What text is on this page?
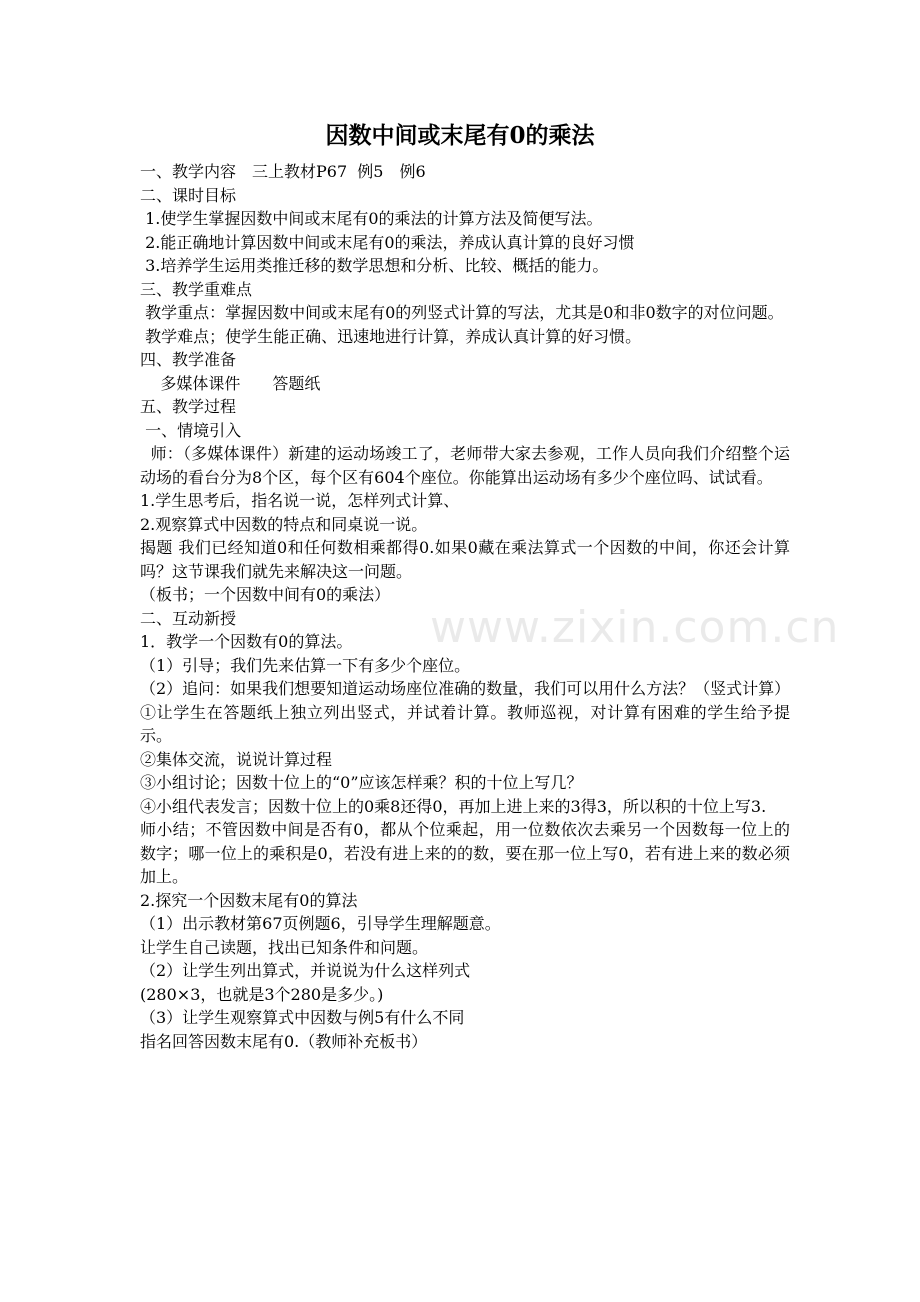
因数中间或末尾有0的乘法

一、教学内容　三上教材P67  例5　例6

二、课时目标

1.使学生掌握因数中间或末尾有0的乘法的计算方法及简便写法。

2.能正确地计算因数中间或末尾有0的乘法，养成认真计算的良好习惯

3.培养学生运用类推迁移的数学思想和分析、比较、概括的能力。

三、教学重难点

教学重点：掌握因数中间或末尾有0的列竖式计算的写法，尤其是0和非0数字的对位问题。

教学难点；使学生能正确、迅速地进行计算，养成认真计算的好习惯。

四、教学准备

多媒体课件　　答题纸

五、教学过程

一、情境引入

师：（多媒体课件）新建的运动场竣工了，老师带大家去参观，工作人员向我们介绍整个运动场的看台分为8个区，每个区有604个座位。你能算出运动场有多少个座位吗、试试看。

1.学生思考后，指名说一说，怎样列式计算、

2.观察算式中因数的特点和同桌说一说。

揭题 我们已经知道0和任何数相乘都得0.如果0藏在乘法算式一个因数的中间，你还会计算吗？这节课我们就先来解决这一问题。

（板书；一个因数中间有0的乘法）

二、互动新授

1．教学一个因数有0的算法。

（1）引导；我们先来估算一下有多少个座位。

（2）追问：如果我们想要知道运动场座位准确的数量，我们可以用什么方法？（竖式计算）

①让学生在答题纸上独立列出竖式，并试着计算。教师巡视，对计算有困难的学生给予提示。

②集体交流，说说计算过程

③小组讨论；因数十位上的“0”应该怎样乘？积的十位上写几？

④小组代表发言；因数十位上的0乘8还得0，再加上进上来的3得3，所以积的十位上写3.

师小结；不管因数中间是否有0，都从个位乘起，用一位数依次去乘另一个因数每一位上的数字；哪一位上的乘积是0，若没有进上来的的数，要在那一位上写0，若有进上来的数必须加上。

2.探究一个因数末尾有0的算法

（1）出示教材第67页例题6，引导学生理解题意。

让学生自己读题，找出已知条件和问题。

（2）让学生列出算式，并说说为什么这样列式

(280×3，也就是3个280是多少。)

（3）让学生观察算式中因数与例5有什么不同

指名回答因数末尾有0.（教师补充板书）

www.zixin.com.cn
